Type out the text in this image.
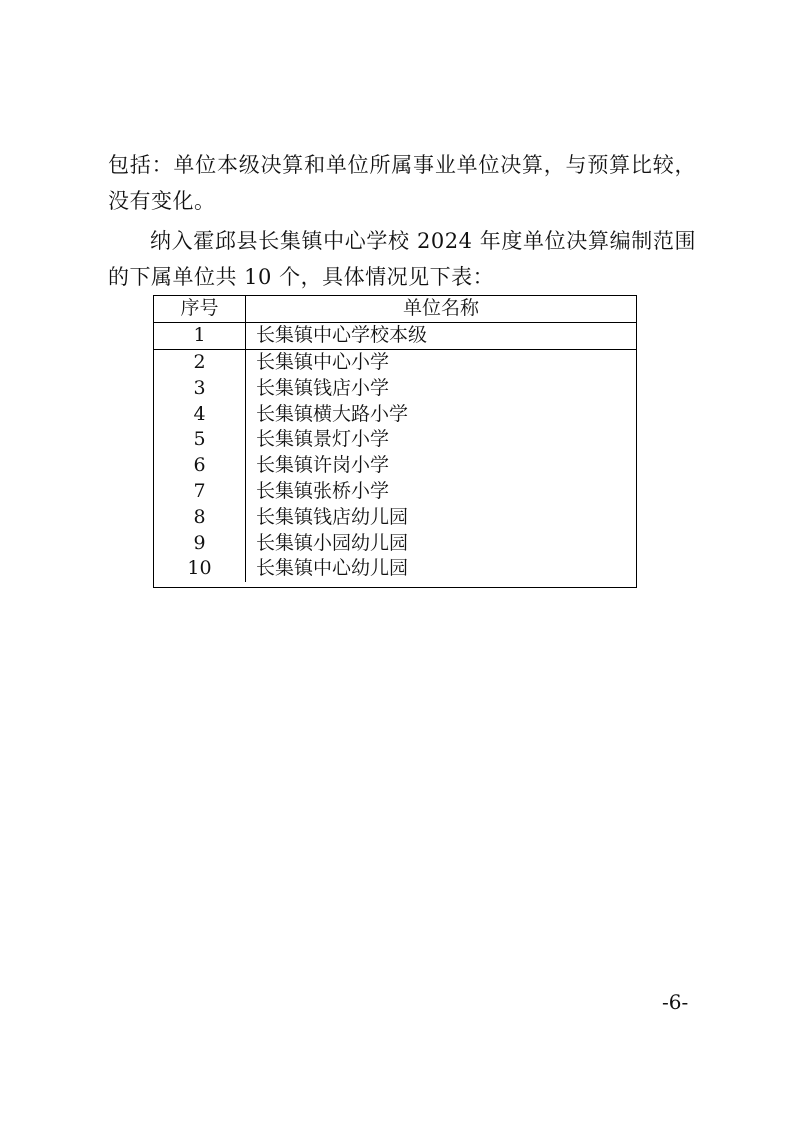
包括：单位本级决算和单位所属事业单位决算，与预算比较，没有变化。

纳入霍邱县长集镇中心学校 2024 年度单位决算编制范围的下属单位共 10 个，具体情况见下表：

序号	单位名称
1	长集镇中心学校本级
2	长集镇中心小学
3	长集镇钱店小学
4	长集镇横大路小学
5	长集镇景灯小学
6	长集镇许岗小学
7	长集镇张桥小学
8	长集镇钱店幼儿园
9	长集镇小园幼儿园
10	长集镇中心幼儿园
-6-
